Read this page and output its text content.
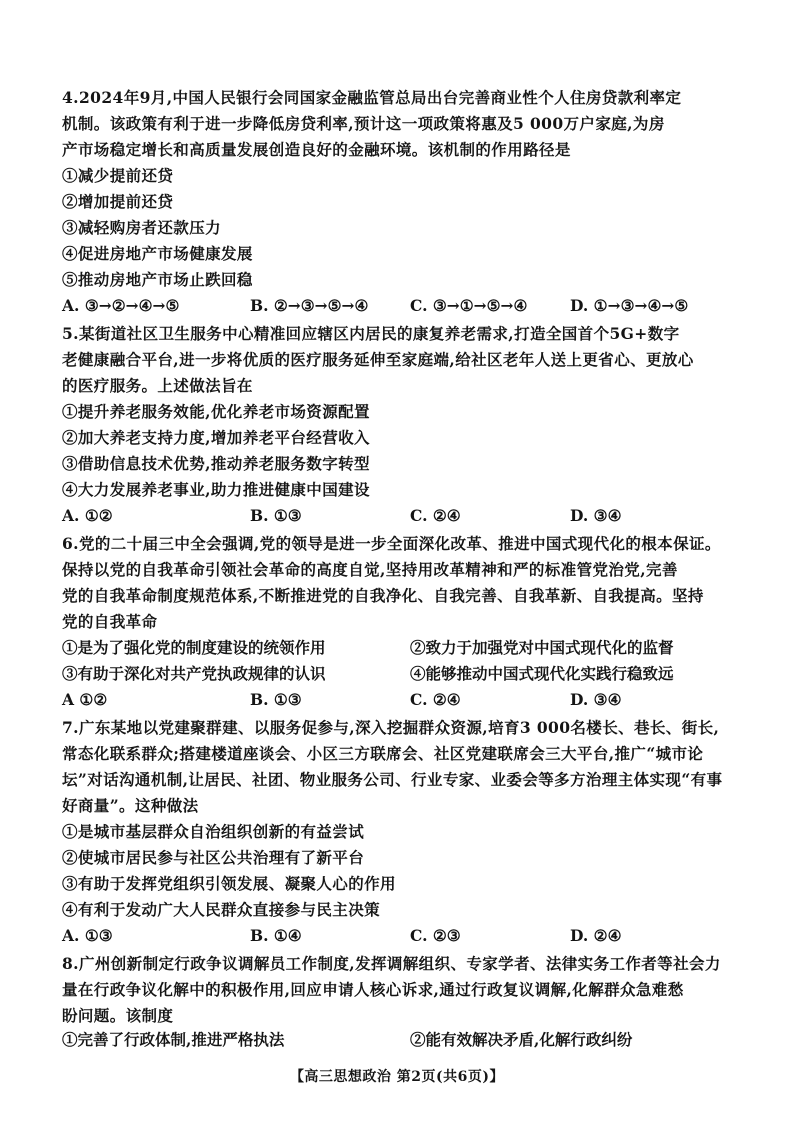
4.2024年9月,中国人民银行会同国家金融监管总局出台完善商业性个人住房贷款利率定
机制。该政策有利于进一步降低房贷利率,预计这一项政策将惠及5 000万户家庭,为房
产市场稳定增长和高质量发展创造良好的金融环境。该机制的作用路径是
①减少提前还贷
②增加提前还贷
③减轻购房者还款压力
④促进房地产市场健康发展
⑤推动房地产市场止跌回稳
A. ③→②→④→⑤	B. ②→③→⑤→④	C. ③→①→⑤→④	D. ①→③→④→⑤
5.某街道社区卫生服务中心精准回应辖区内居民的康复养老需求,打造全国首个5G+数字
老健康融合平台,进一步将优质的医疗服务延伸至家庭端,给社区老年人送上更省心、更放心
的医疗服务。上述做法旨在
①提升养老服务效能,优化养老市场资源配置
②加大养老支持力度,增加养老平台经营收入
③借助信息技术优势,推动养老服务数字转型
④大力发展养老事业,助力推进健康中国建设
A. ①②	B. ①③	C. ②④	D. ③④
6.党的二十届三中全会强调,党的领导是进一步全面深化改革、推进中国式现代化的根本保证。
保持以党的自我革命引领社会革命的高度自觉,坚持用改革精神和严的标准管党治党,完善
党的自我革命制度规范体系,不断推进党的自我净化、自我完善、自我革新、自我提高。坚持
党的自我革命
①是为了强化党的制度建设的统领作用	②致力于加强党对中国式现代化的监督
③有助于深化对共产党执政规律的认识	④能够推动中国式现代化实践行稳致远
A ①②	B. ①③	C. ②④	D. ③④
7.广东某地以党建聚群建、以服务促参与,深入挖掘群众资源,培育3 000名楼长、巷长、街长,
常态化联系群众;搭建楼道座谈会、小区三方联席会、社区党建联席会三大平台,推广“城市论
坛”对话沟通机制,让居民、社团、物业服务公司、行业专家、业委会等多方治理主体实现“有事
好商量”。这种做法
①是城市基层群众自治组织创新的有益尝试
②使城市居民参与社区公共治理有了新平台
③有助于发挥党组织引领发展、凝聚人心的作用
④有利于发动广大人民群众直接参与民主决策
A. ①③	B. ①④	C. ②③	D. ②④
8.广州创新制定行政争议调解员工作制度,发挥调解组织、专家学者、法律实务工作者等社会力
量在行政争议化解中的积极作用,回应申请人核心诉求,通过行政复议调解,化解群众急难愁
盼问题。该制度
①完善了行政体制,推进严格执法	②能有效解决矛盾,化解行政纠纷
【高三思想政治 第2页(共6页)】
